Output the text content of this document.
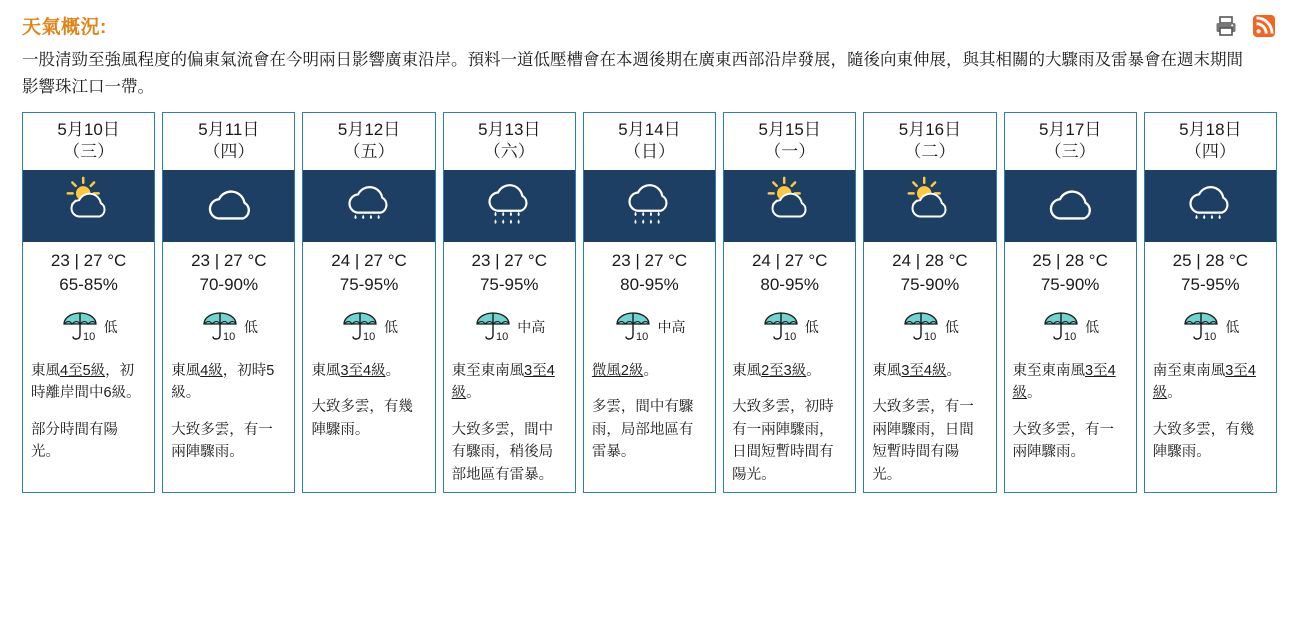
天氣概況:
一股清勁至強風程度的偏東氣流會在今明兩日影響廣東沿岸。預料一道低壓槽會在本週後期在廣東西部沿岸發展，隨後向東伸展，與其相關的大驟雨及雷暴會在週末期間影響珠江口一帶。
5月10日
（三）
23 | 27 °C
65-85%
10
低

東風4至5級，初時離岸間中6級。

部分時間有陽光。

5月11日
（四）
23 | 27 °C
70-90%
10
低

東風4級，初時5級。

大致多雲，有一兩陣驟雨。

5月12日
（五）
24 | 27 °C
75-95%
10
低

東風3至4級。

大致多雲，有幾陣驟雨。

5月13日
（六）
23 | 27 °C
75-95%
10
中高

東至東南風3至4級。

大致多雲，間中有驟雨，稍後局部地區有雷暴。

5月14日
（日）
23 | 27 °C
80-95%
10
中高

微風2級。

多雲，間中有驟雨，局部地區有雷暴。

5月15日
（一）
24 | 27 °C
80-95%
10
低

東風2至3級。

大致多雲，初時有一兩陣驟雨，日間短暫時間有陽光。

5月16日
（二）
24 | 28 °C
75-90%
10
低

東風3至4級。

大致多雲，有一兩陣驟雨，日間短暫時間有陽光。

5月17日
（三）
25 | 28 °C
75-90%
10
低

東至東南風3至4級。

大致多雲，有一兩陣驟雨。

5月18日
（四）
25 | 28 °C
75-95%
10
低

南至東南風3至4級。

大致多雲，有幾陣驟雨。
